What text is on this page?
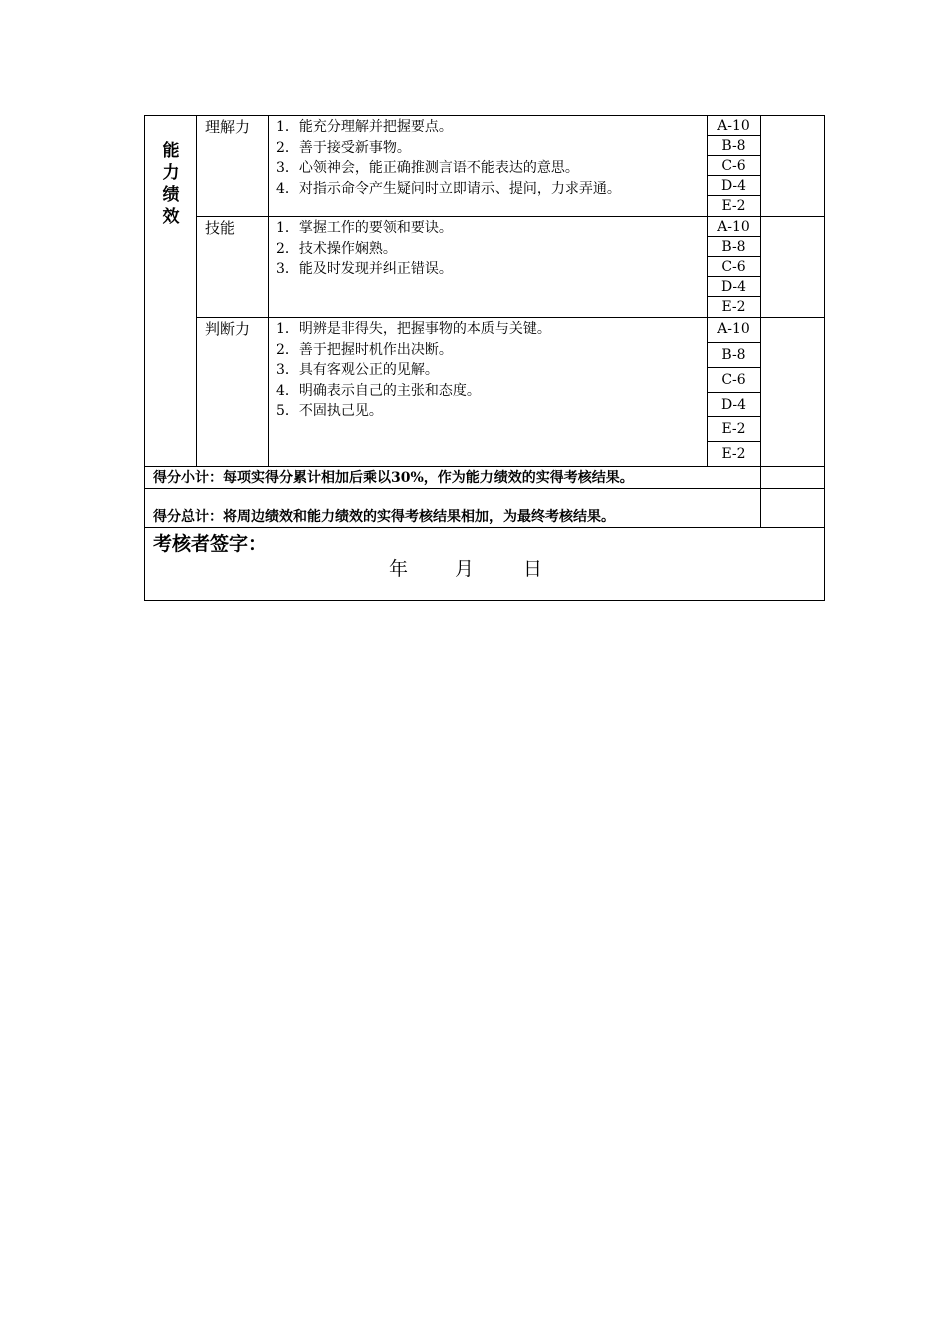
能
力
绩
效
理解力 1．能充分理解并把握要点。
2．善于接受新事物。
3．心领神会，能正确推测言语不能表达的意思。
4．对指示命令产生疑问时立即请示、提问，力求弄通。
A-10
B-8
C-6
D-4
E-2
技能	1．掌握工作的要领和要诀。
2．技术操作娴熟。
3．能及时发现并纠正错误。
A-10
B-8
C-6
D-4
E-2
判断力 1．明辨是非得失，把握事物的本质与关键。
2．善于把握时机作出决断。
3．具有客观公正的见解。
4．明确表示自己的主张和态度。
5．不固执己见。
A-10
B-8
C-6
D-4
E-2
E-2
得分小计：每项实得分累计相加后乘以30%，作为能力绩效的实得考核结果。
得分总计：将周边绩效和能力绩效的实得考核结果相加，为最终考核结果。
考核者签字：
年 月	日
